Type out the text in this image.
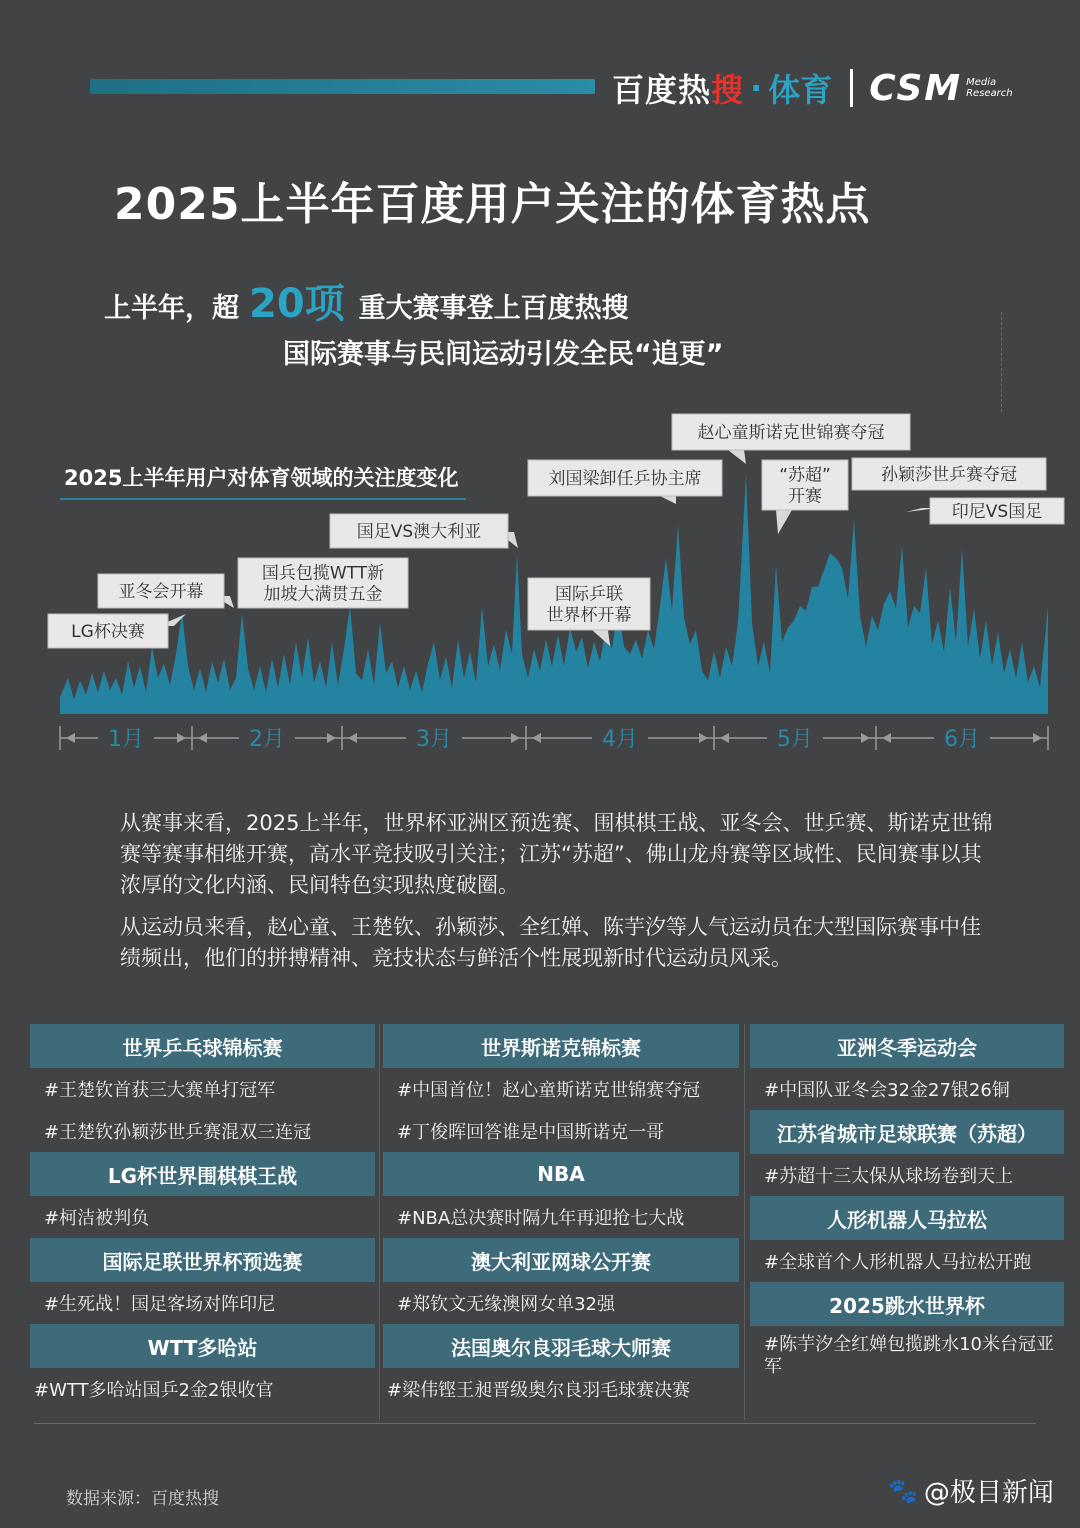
百度热搜 · 体育 CSM Media
Research
2025上半年百度用户关注的体育热点
上半年，超 20项 重大赛事登上百度热搜
国际赛事与民间运动引发全民“追更”
2025上半年用户对体育领域的关注度变化
1月	2月	3月	4月	5月	6月
LG杯决赛
亚冬会开幕
国兵包揽WTT新
加坡大满贯五金
国足VS澳大利亚
刘国梁卸任乒协主席
国际乒联
世界杯开幕
赵心童斯诺克世锦赛夺冠
“苏超”
开赛
孙颖莎世乒赛夺冠
印尼VS国足
从赛事来看，2025上半年，世界杯亚洲区预选赛、围棋棋王战、亚冬会、世乒赛、斯诺克世锦赛等赛事相继开赛，高水平竞技吸引关注；江苏“苏超”、佛山龙舟赛等区域性、民间赛事以其浓厚的文化内涵、民间特色实现热度破圈。
从运动员来看，赵心童、王楚钦、孙颖莎、全红婵、陈芋汐等人气运动员在大型国际赛事中佳绩频出，他们的拼搏精神、竞技状态与鲜活个性展现新时代运动员风采。
世界乒乓球锦标赛
#王楚钦首获三大赛单打冠军
#王楚钦孙颖莎世乒赛混双三连冠
LG杯世界围棋棋王战
#柯洁被判负
国际足联世界杯预选赛
#生死战！国足客场对阵印尼
WTT多哈站
#WTT多哈站国乒2金2银收官
世界斯诺克锦标赛
#中国首位！赵心童斯诺克世锦赛夺冠
#丁俊晖回答谁是中国斯诺克一哥
NBA
#NBA总决赛时隔九年再迎抢七大战
澳大利亚网球公开赛
#郑钦文无缘澳网女单32强
法国奥尔良羽毛球大师赛
#梁伟铿王昶晋级奥尔良羽毛球赛决赛
亚洲冬季运动会
#中国队亚冬会32金27银26铜
江苏省城市足球联赛（苏超）
#苏超十三太保从球场卷到天上
人形机器人马拉松
#全球首个人形机器人马拉松开跑
2025跳水世界杯
#陈芋汐全红婵包揽跳水10米台冠亚军
数据来源：百度热搜	🐾 @极目新闻
